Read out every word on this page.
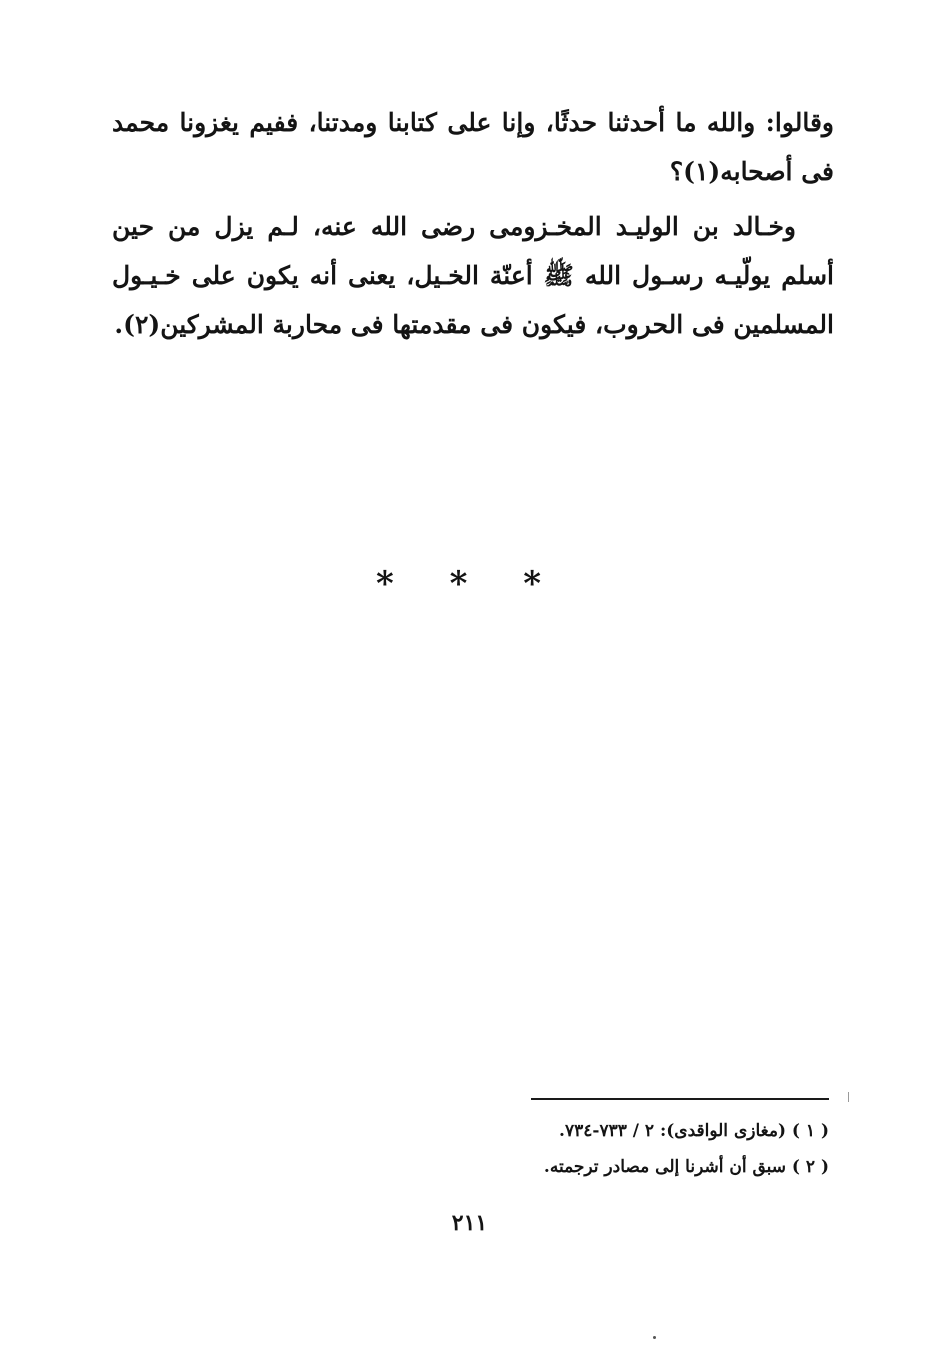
وقالوا: والله ما أحدثنا حدثًا، وإنا على كتابنا ومدتنا، ففيم يغزونا محمد فى أصحابه(١)؟

وخـالد بن الوليـد المخـزومى رضى الله عنه، لـم يزل من حين أسلم يولّيـه رسـول الله ﷺ أعنّة الخـيل، يعنى أنه يكون على خـيـول المسلمين فى الحروب، فيكون فى مقدمتها فى محاربة المشركين(٢).

* * *

( ١ ) (مغازى الواقدى): ٢ / ٧٣٣-٧٣٤.

( ٢ ) سبق أن أشرنا إلى مصادر ترجمته.

٢١١
